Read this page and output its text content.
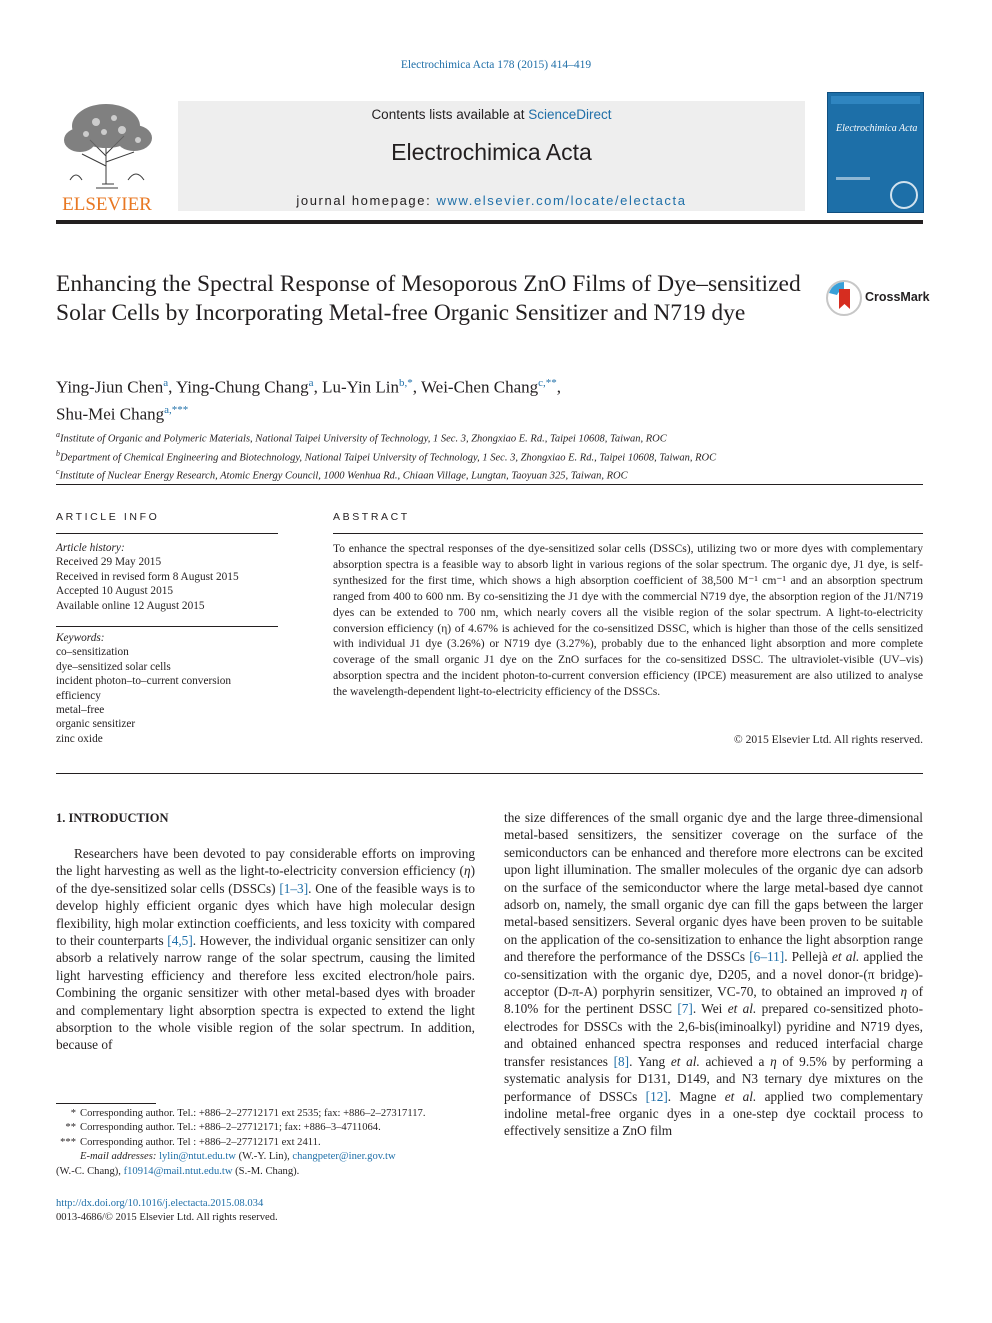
Electrochimica Acta 178 (2015) 414–419
ELSEVIER
Contents lists available at ScienceDirect
Electrochimica Acta
journal homepage: www.elsevier.com/locate/electacta
Electrochimica Acta
Enhancing the Spectral Response of Mesoporous ZnO Films of Dye–sensitized Solar Cells by Incorporating Metal-free Organic Sensitizer and N719 dye
CrossMark
Ying-Jiun Chen$^a$, Ying-Chung Chang$^a$, Lu-Yin Lin$^{b,*}$, Wei-Chen Chang$^{c,**}$,
Shu-Mei Chang$^{a,***}$
$^a$Institute of Organic and Polymeric Materials, National Taipei University of Technology, 1 Sec. 3, Zhongxiao E. Rd., Taipei 10608, Taiwan, ROC
$^b$Department of Chemical Engineering and Biotechnology, National Taipei University of Technology, 1 Sec. 3, Zhongxiao E. Rd., Taipei 10608, Taiwan, ROC
$^c$Institute of Nuclear Energy Research, Atomic Energy Council, 1000 Wenhua Rd., Chiaan Village, Lungtan, Taoyuan 325, Taiwan, ROC
ARTICLE INFO
Article history:
Received 29 May 2015
Received in revised form 8 August 2015
Accepted 10 August 2015
Available online 12 August 2015
Keywords:
co–sensitization
dye–sensitized solar cells
incident photon–to–current conversion
efficiency
metal–free
organic sensitizer
zinc oxide
ABSTRACT
To enhance the spectral responses of the dye-sensitized solar cells (DSSCs), utilizing two or more dyes with complementary absorption spectra is a feasible way to absorb light in various regions of the solar spectrum. The organic dye, J1 dye, is self-synthesized for the first time, which shows a high absorption coefficient of 38,500 M⁻¹ cm⁻¹ and an absorption spectrum ranged from 400 to 600 nm. By co-sensitizing the J1 dye with the commercial N719 dye, the absorption region of the J1/N719 dyes can be extended to 700 nm, which nearly covers all the visible region of the solar spectrum. A light-to-electricity conversion efficiency (η) of 4.67% is achieved for the co-sensitized DSSC, which is higher than those of the cells sensitized with individual J1 dye (3.26%) or N719 dye (3.27%), probably due to the enhanced light absorption and more complete coverage of the small organic J1 dye on the ZnO surfaces for the co-sensitized DSSC. The ultraviolet-visible (UV–vis) absorption spectra and the incident photon-to-current conversion efficiency (IPCE) measurement are also utilized to analyse the wavelength-dependent light-to-electricity efficiency of the DSSCs.
© 2015 Elsevier Ltd. All rights reserved.
1. INTRODUCTION
Researchers have been devoted to pay considerable efforts on improving the light harvesting as well as the light-to-electricity conversion efficiency (η) of the dye-sensitized solar cells (DSSCs) [1–3]. One of the feasible ways is to develop highly efficient organic dyes which have high molecular design flexibility, high molar extinction coefficients, and less toxicity with compared to their counterparts [4,5]. However, the individual organic sensitizer can only absorb a relatively narrow range of the solar spectrum, causing the limited light harvesting efficiency and therefore less excited electron/hole pairs. Combining the organic sensitizer with other metal-based dyes with broader and complementary light absorption spectra is expected to extend the light absorption to the whole visible region of the solar spectrum. In addition, because of
the size differences of the small organic dye and the large three-dimensional metal-based sensitizers, the sensitizer coverage on the surface of the semiconductors can be enhanced and therefore more electrons can be excited upon light illumination. The smaller molecules of the organic dye can adsorb on the surface of the semiconductor where the large metal-based dye cannot adsorb on, namely, the small organic dye can fill the gaps between the larger metal-based sensitizers. Several organic dyes have been proven to be suitable on the application of the co-sensitization to enhance the light absorption range and therefore the performance of the DSSCs [6–11]. Pellejà et al. applied the co-sensitization with the organic dye, D205, and a novel donor-(π bridge)-acceptor (D-π-A) porphyrin sensitizer, VC-70, to obtained an improved η of 8.10% for the pertinent DSSC [7]. Wei et al. prepared co-sensitized photo-electrodes for DSSCs with the 2,6-bis(iminoalkyl) pyridine and N719 dyes, and obtained enhanced spectra responses and reduced interfacial charge transfer resistances [8]. Yang et al. achieved a η of 9.5% by performing a systematic analysis for D131, D149, and N3 ternary dye mixtures on the performance of DSSCs [12]. Magne et al. applied two complementary indoline metal-free organic dyes in a one-step dye cocktail process to effectively sensitize a ZnO film
* Corresponding author. Tel.: +886–2–27712171 ext 2535; fax: +886–2–27317117.
** Corresponding author. Tel.: +886–2–27712171; fax: +886–3–4711064.
*** Corresponding author. Tel : +886–2–27712171 ext 2411.
E-mail addresses: lylin@ntut.edu.tw (W.-Y. Lin), changpeter@iner.gov.tw
(W.-C. Chang), f10914@mail.ntut.edu.tw (S.-M. Chang).
http://dx.doi.org/10.1016/j.electacta.2015.08.034
0013-4686/© 2015 Elsevier Ltd. All rights reserved.
